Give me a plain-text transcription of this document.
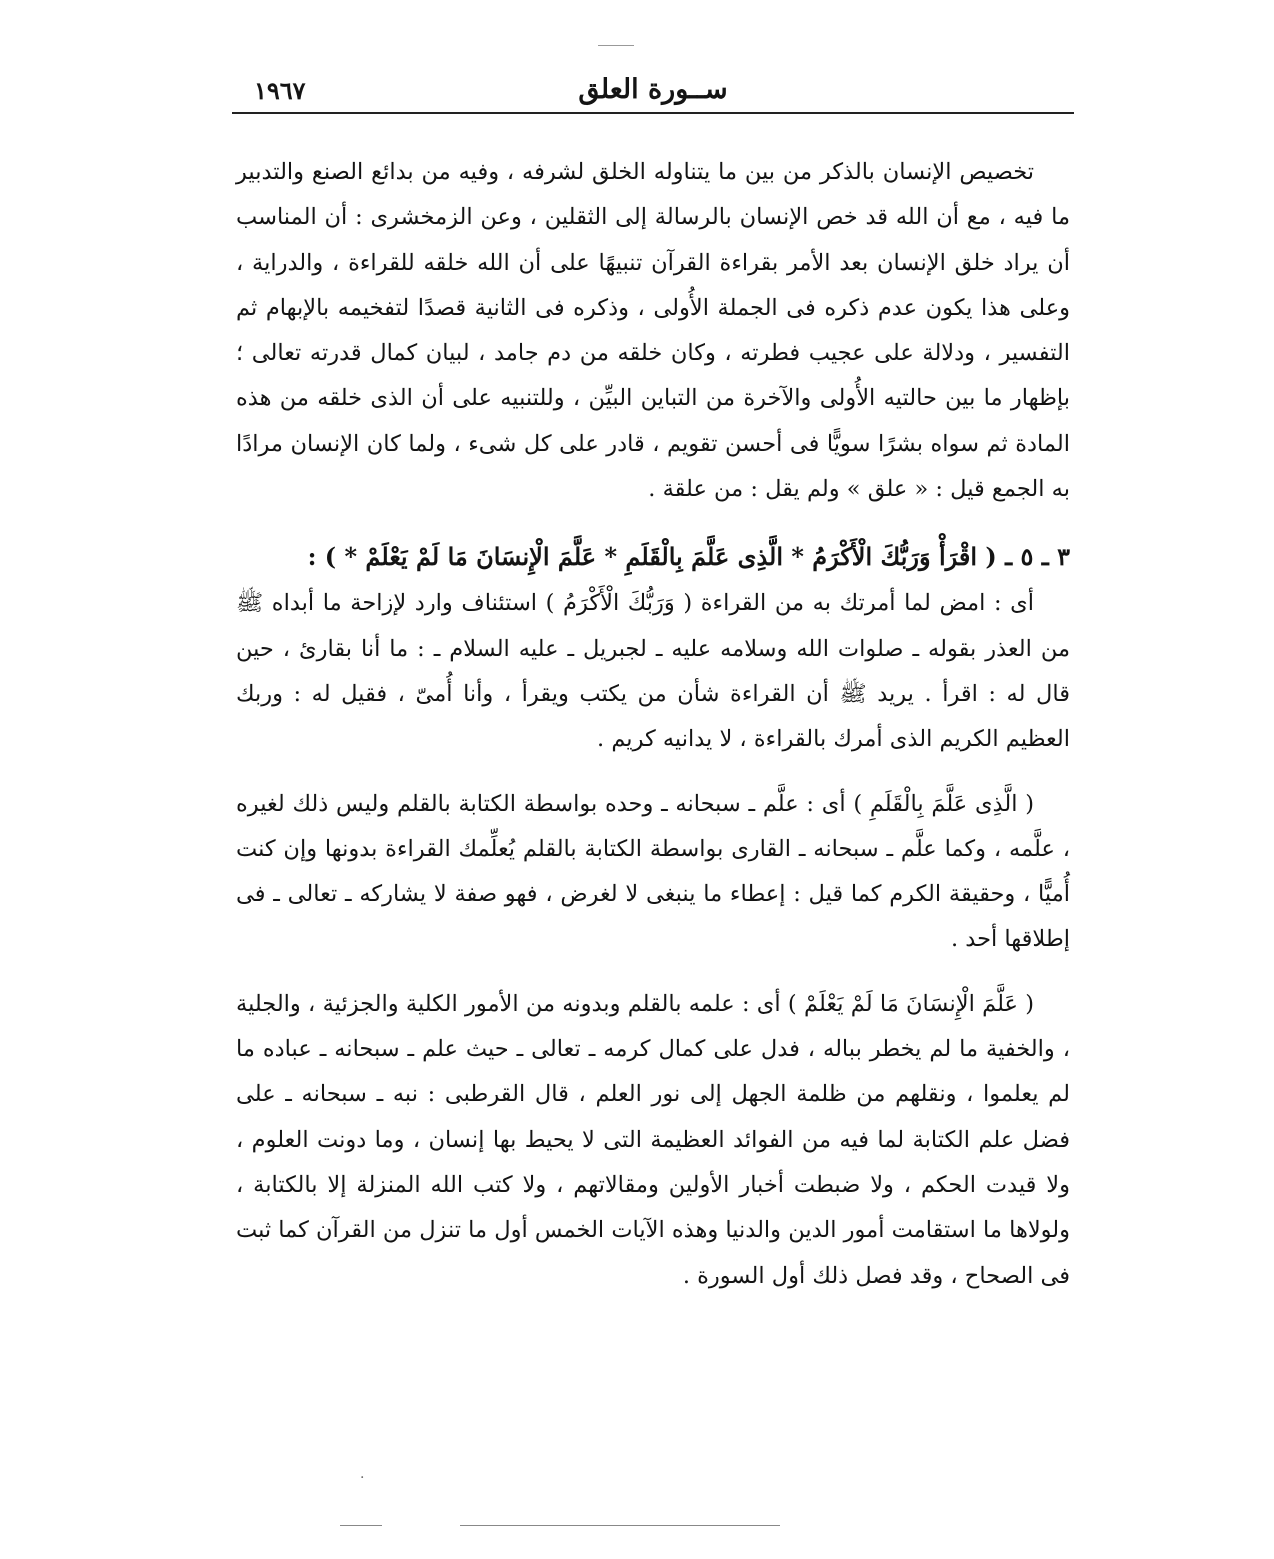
ســورة العلق
١٩٦٧

تخصيص الإنسان بالذكر من بين ما يتناوله الخلق لشرفه ، وفيه من بدائع الصنع والتدبير ما فيه ، مع أن الله قد خص الإنسان بالرسالة إلى الثقلين ، وعن الزمخشرى : أن المناسب أن يراد خلق الإنسان بعد الأمر بقراءة القرآن تنبيهًا على أن الله خلقه للقراءة ، والدراية ، وعلى هذا يكون عدم ذكره فى الجملة الأُولى ، وذكره فى الثانية قصدًا لتفخيمه بالإبهام ثم التفسير ، ودلالة على عجيب فطرته ، وكان خلقه من دم جامد ، لبيان كمال قدرته تعالى ؛ بإظهار ما بين حالتيه الأُولى والآخرة من التباين البيِّن ، وللتنبيه على أن الذى خلقه من هذه المادة ثم سواه بشرًا سويًّا فى أحسن تقويم ، قادر على كل شىء ، ولما كان الإنسان مرادًا به الجمع قيل : « علق » ولم يقل : من علقة .

٣ ـ ٥ ـ ( اقْرَأْ وَرَبُّكَ الْأَكْرَمُ * الَّذِى عَلَّمَ بِالْقَلَمِ * عَلَّمَ الْإِنسَانَ مَا لَمْ يَعْلَمْ * ) :

أى : امض لما أمرتك به من القراءة ( وَرَبُّكَ الْأَكْرَمُ ) استئناف وارد لإزاحة ما أبداه ﷺ من العذر بقوله ـ صلوات الله وسلامه عليه ـ لجبريل ـ عليه السلام ـ : ما أنا بقارئ ، حين قال له : اقرأ . يريد ﷺ أن القراءة شأن من يكتب ويقرأ ، وأنا أُمىّ ، فقيل له : وربك العظيم الكريم الذى أمرك بالقراءة ، لا يدانيه كريم .

( الَّذِى عَلَّمَ بِالْقَلَمِ ) أى : علَّم ـ سبحانه ـ وحده بواسطة الكتابة بالقلم وليس ذلك لغيره ، علَّمه ، وكما علَّم ـ سبحانه ـ القارى بواسطة الكتابة بالقلم يُعلِّمك القراءة بدونها وإن كنت أُميًّا ، وحقيقة الكرم كما قيل : إعطاء ما ينبغى لا لغرض ، فهو صفة لا يشاركه ـ تعالى ـ فى إطلاقها أحد .

( عَلَّمَ الْإِنسَانَ مَا لَمْ يَعْلَمْ ) أى : علمه بالقلم وبدونه من الأمور الكلية والجزئية ، والجلية ، والخفية ما لم يخطر بباله ، فدل على كمال كرمه ـ تعالى ـ حيث علم ـ سبحانه ـ عباده ما لم يعلموا ، ونقلهم من ظلمة الجهل إلى نور العلم ، قال القرطبى : نبه ـ سبحانه ـ على فضل علم الكتابة لما فيه من الفوائد العظيمة التى لا يحيط بها إنسان ، وما دونت العلوم ، ولا قيدت الحكم ، ولا ضبطت أخبار الأولين ومقالاتهم ، ولا كتب الله المنزلة إلا بالكتابة ، ولولاها ما استقامت أمور الدين والدنيا وهذه الآيات الخمس أول ما تنزل من القرآن كما ثبت فى الصحاح ، وقد فصل ذلك أول السورة .

·
